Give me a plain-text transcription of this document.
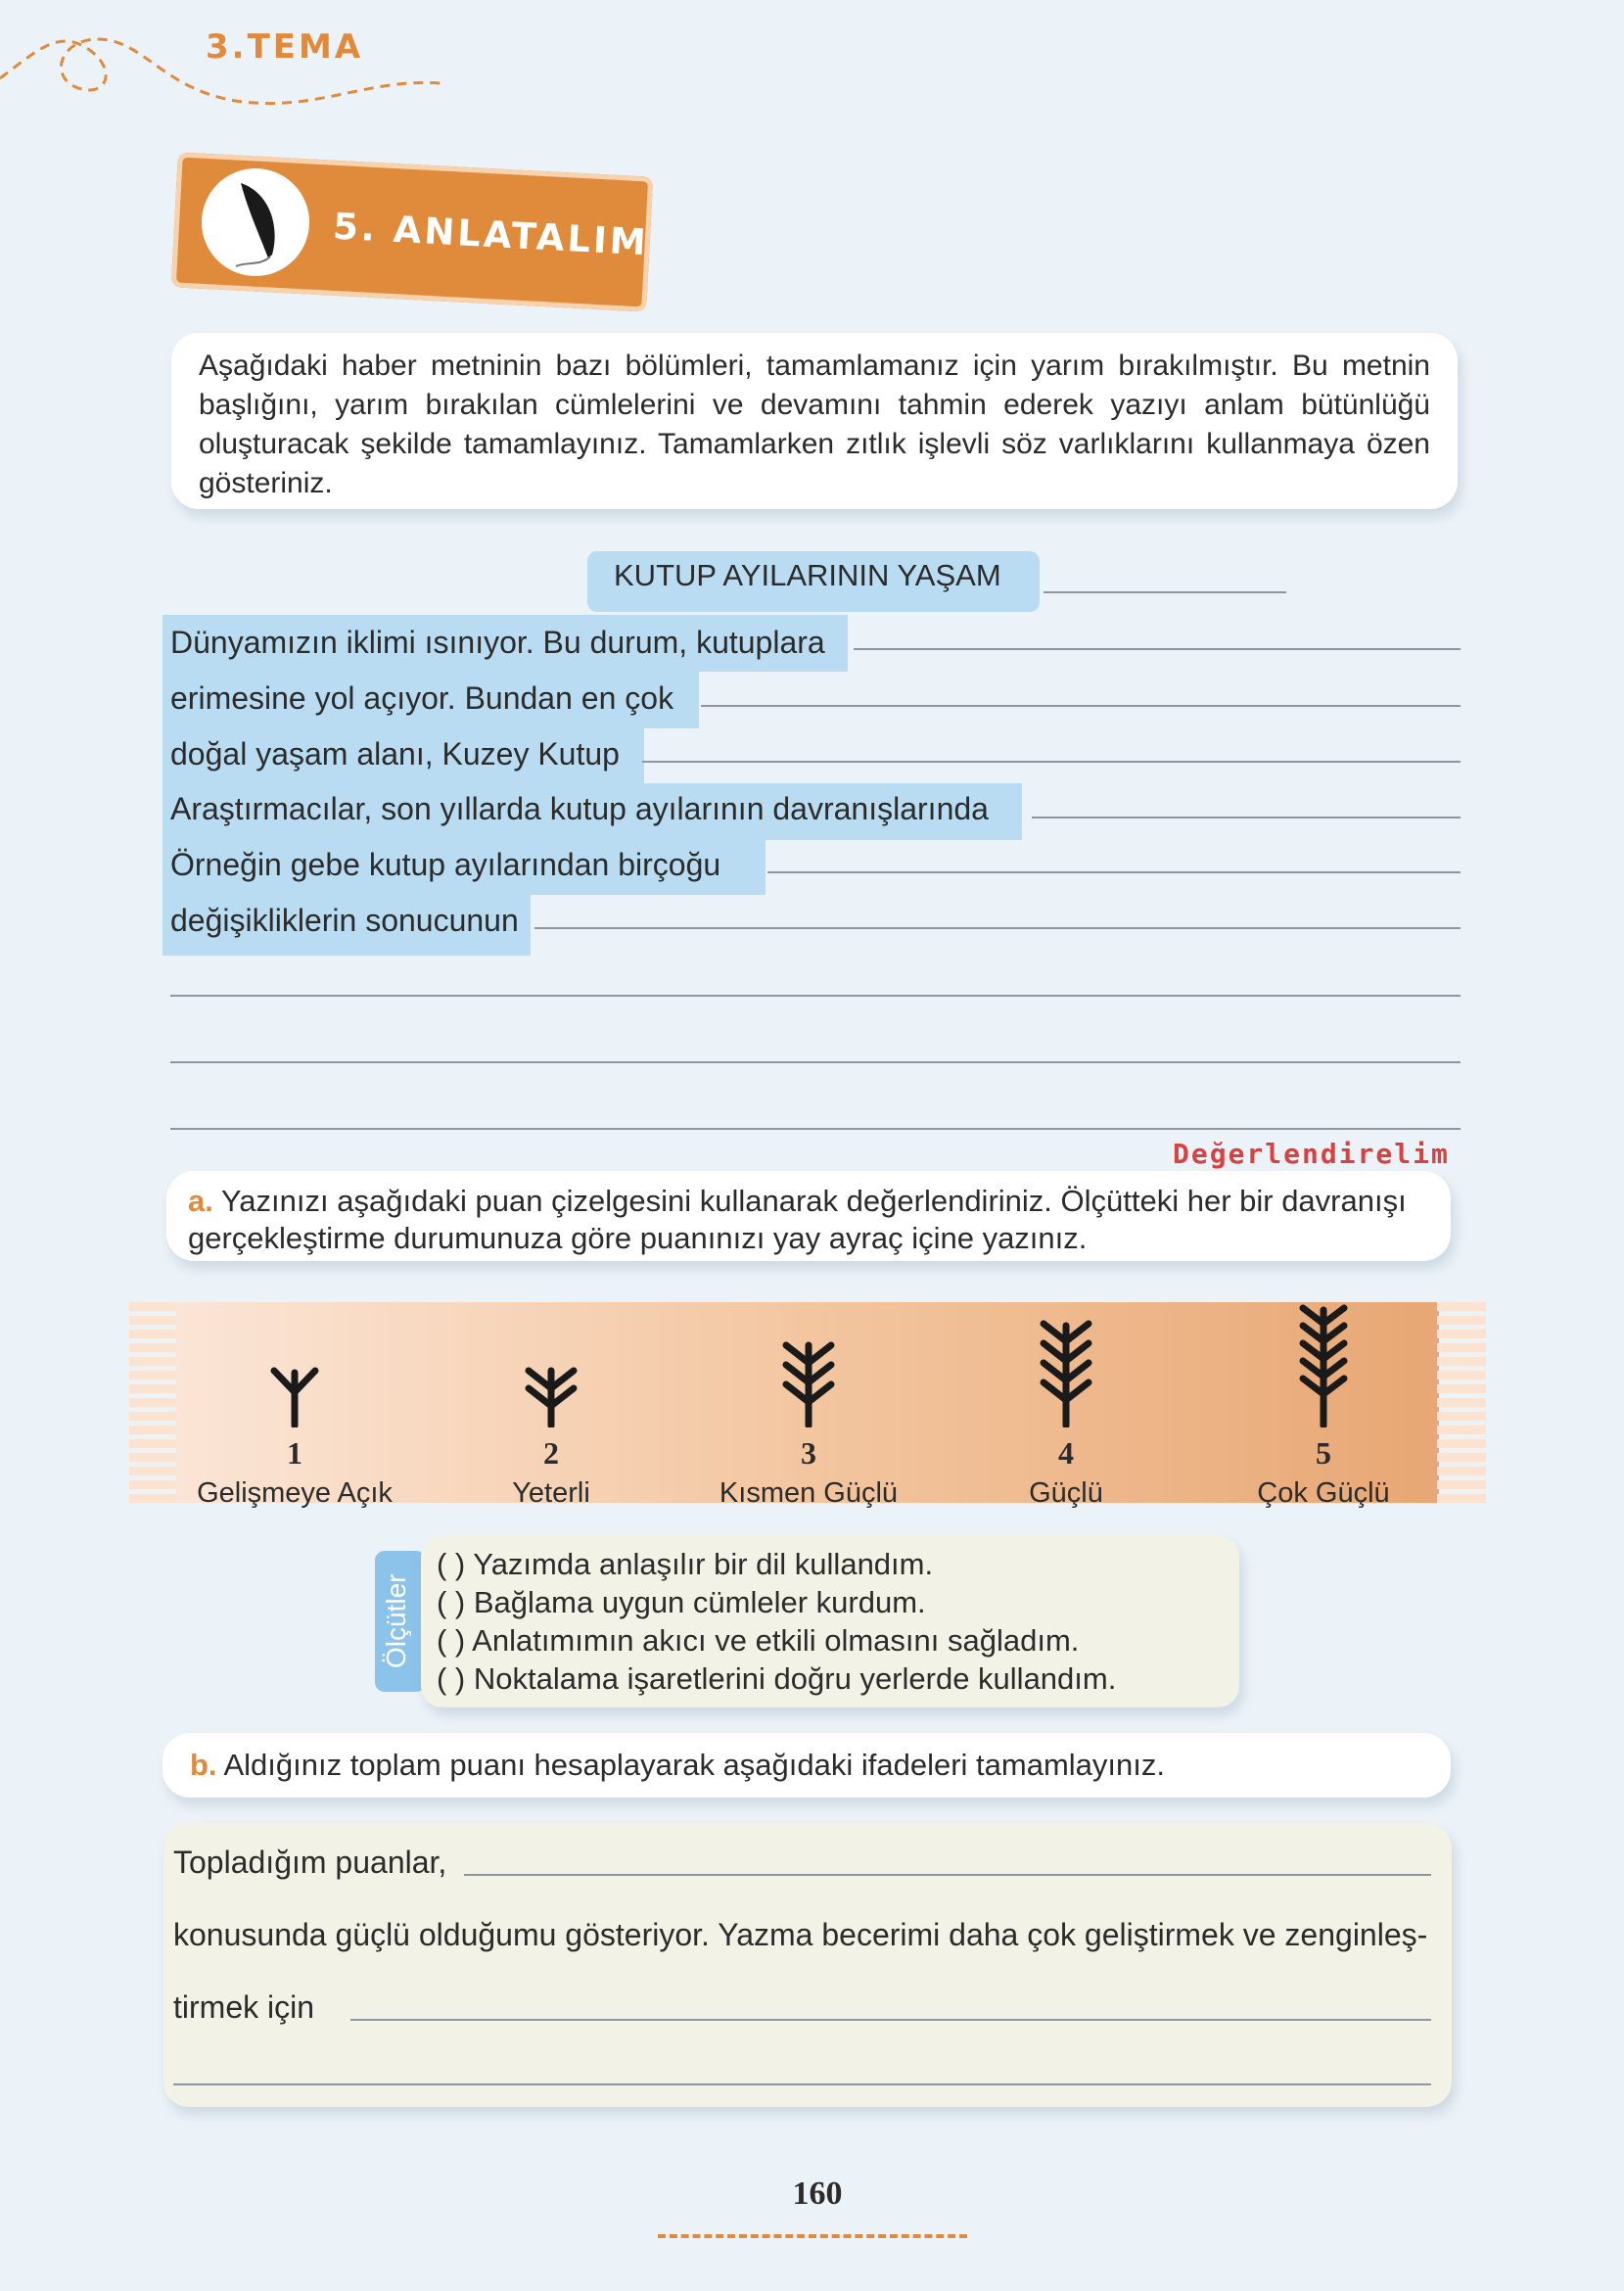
3.TEMA
5. ANLATALIM

Aşağıdaki haber metninin bazı bölümleri, tamamlamanız için yarım bırakılmıştır. Bu metnin başlığını, yarım bırakılan cümlelerini ve devamını tahmin ederek yazıyı anlam bütünlüğü oluşturacak şekilde tamamlayınız. Tamamlarken zıtlık işlevli söz varlıklarını kullanmaya özen gösteriniz.

KUTUP AYILARININ YAŞAM
Dünyamızın iklimi ısınıyor. Bu durum, kutuplara
erimesine yol açıyor. Bundan en çok
doğal yaşam alanı, Kuzey Kutup
Araştırmacılar, son yıllarda kutup ayılarının davranışlarında
Örneğin gebe kutup ayılarından birçoğu
değişikliklerin sonucunun
Değerlendirelim
a. Yazınızı aşağıdaki puan çizelgesini kullanarak değerlendiriniz. Ölçütteki her bir davranışı gerçekleştirme durumunuza göre puanınızı yay ayraç içine yazınız.
1
Gelişmeye Açık
2
Yeterli
3
Kısmen Güçlü
4
Güçlü
5
Çok Güçlü
Ölçütler
( ) Yazımda anlaşılır bir dil kullandım.
( ) Bağlama uygun cümleler kurdum.
( ) Anlatımımın akıcı ve etkili olmasını sağladım.
( ) Noktalama işaretlerini doğru yerlerde kullandım.
b. Aldığınız toplam puanı hesaplayarak aşağıdaki ifadeleri tamamlayınız.
Topladığım puanlar,
konusunda güçlü olduğumu gösteriyor. Yazma becerimi daha çok geliştirmek ve zenginleş-
tirmek için
160
